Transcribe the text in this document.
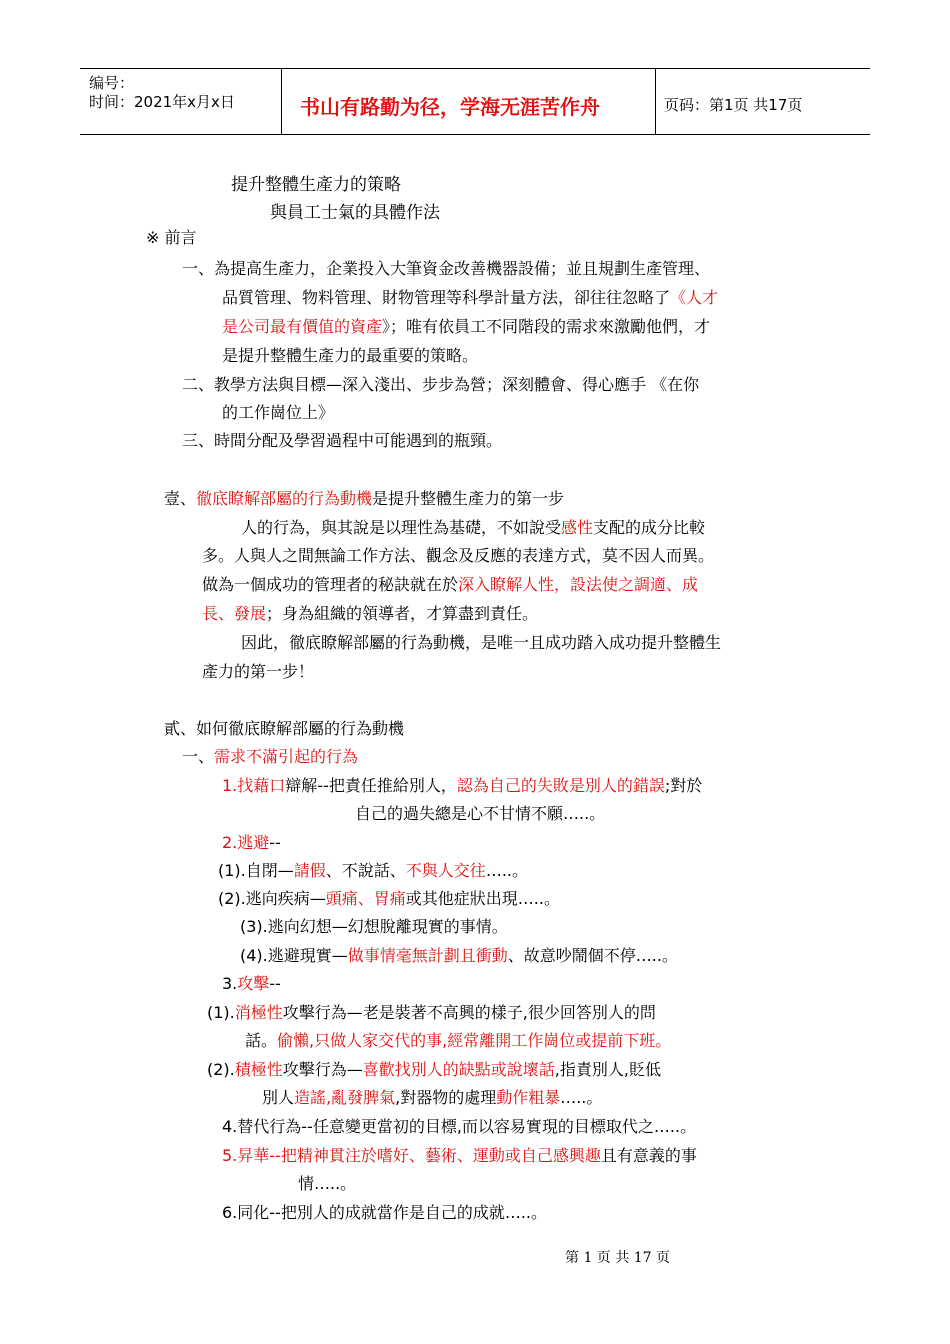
编号：
时间：2021年x月x日	书山有路勤为径，学海无涯苦作舟	页码：第1页 共17页
提升整體生產力的策略
與員工士氣的具體作法
※ 前言
一、為提高生產力，企業投入大筆資金改善機器設備；並且規劃生產管理、
品質管理、物料管理、財物管理等科學計量方法，卻往往忽略了《人才
是公司最有價值的資產》；唯有依員工不同階段的需求來激勵他們，才
是提升整體生產力的最重要的策略。
二、教學方法與目標—深入淺出、步步為營；深刻體會、得心應手 《在你
的工作崗位上》
三、時間分配及學習過程中可能遇到的瓶頸。
壹、徹底瞭解部屬的行為動機是提升整體生產力的第一步
人的行為，與其說是以理性為基礎，不如說受感性支配的成分比較
多。人與人之間無論工作方法、觀念及反應的表達方式，莫不因人而異。
做為一個成功的管理者的秘訣就在於深入瞭解人性，設法使之調適、成
長、發展；身為組織的領導者，才算盡到責任。
因此，徹底瞭解部屬的行為動機，是唯一且成功踏入成功提升整體生
產力的第一步！
貳、如何徹底瞭解部屬的行為動機
一、需求不滿引起的行為
1.找藉口辯解--把責任推給別人，認為自己的失敗是別人的錯誤;對於
自己的過失總是心不甘情不願…..。
2.逃避--
(1).自閉—請假、不說話、不與人交往…..。
(2).逃向疾病—頭痛、胃痛或其他症狀出現…..。
(3).逃向幻想—幻想脫離現實的事情。
(4).逃避現實—做事情毫無計劃且衝動、故意吵鬧個不停…..。
3.攻擊--
(1).消極性攻擊行為—老是裝著不高興的樣子,很少回答別人的問
話。偷懶,只做人家交代的事,經常離開工作崗位或提前下班。
(2).積極性攻擊行為—喜歡找別人的缺點或說壞話,指責別人,貶低
別人造謠,亂發脾氣,對器物的處理動作粗暴…..。
4.替代行為--任意變更當初的目標,而以容易實現的目標取代之…..。
5.昇華--把精神貫注於嗜好、藝術、運動或自己感興趣且有意義的事
情…..。
6.同化--把別人的成就當作是自己的成就…..。
第 1 页 共 17 页
